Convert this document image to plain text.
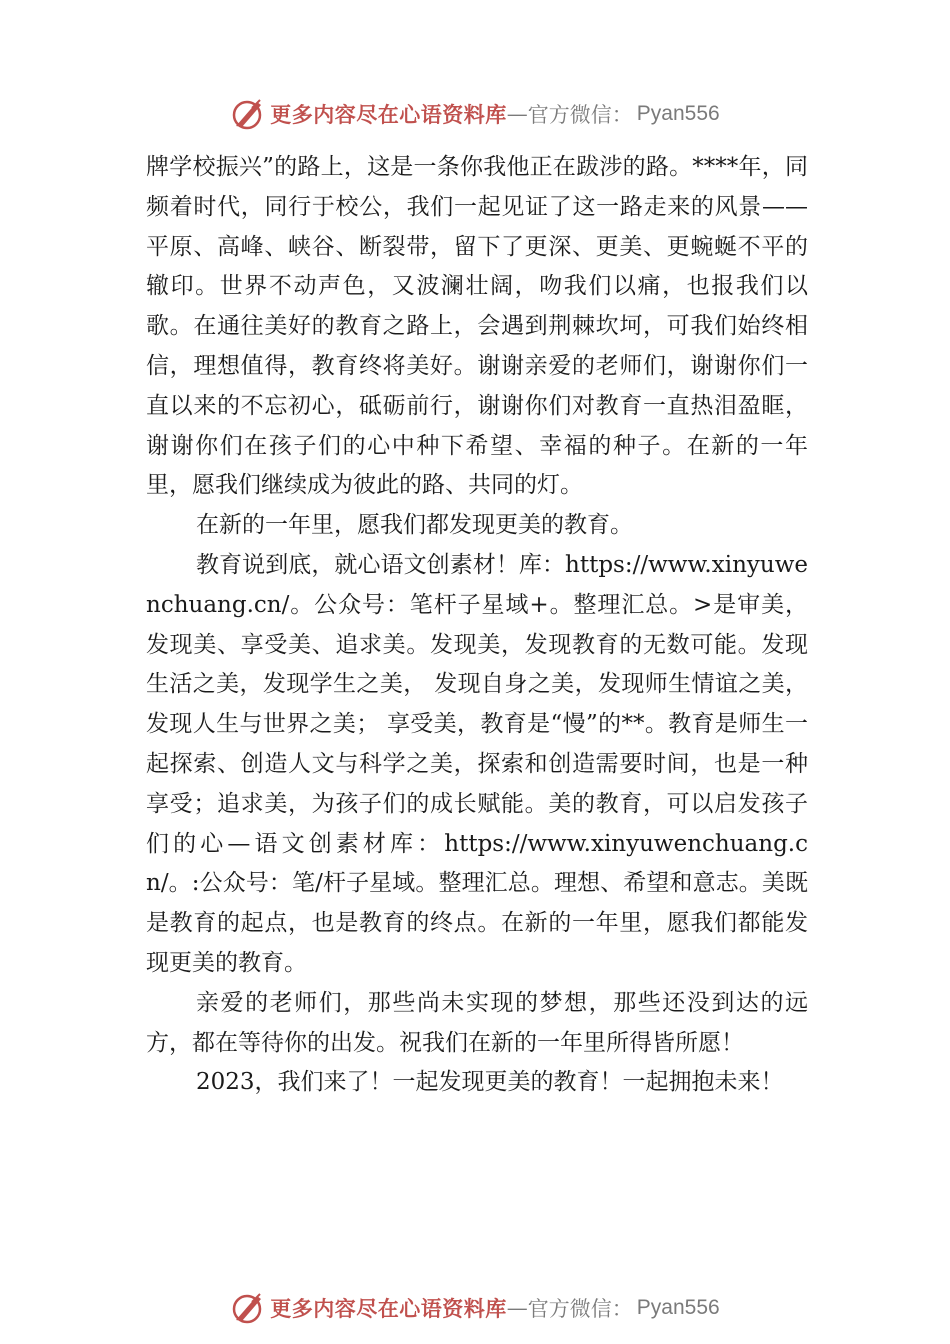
更多内容尽在心语资料库 — 官方微信： Pyan556

牌学校振兴”的路上，这是一条你我他正在跋涉的路。****年，同频着时代，同行于校公，我们一起见证了这一路走来的风景——平原、高峰、峡谷、断裂带，留下了更深、更美、更蜿蜒不平的辙印。世界不动声色，又波澜壮阔，吻我们以痛，也报我们以歌。在通往美好的教育之路上，会遇到荆棘坎坷，可我们始终相信，理想值得，教育终将美好。谢谢亲爱的老师们，谢谢你们一直以来的不忘初心，砥砺前行，谢谢你们对教育一直热泪盈眶，谢谢你们在孩子们的心中种下希望、幸福的种子。在新的一年里，愿我们继续成为彼此的路、共同的灯。

在新的一年里，愿我们都发现更美的教育。

教育说到底，就心语文创素材！库：https://www.xinyuwenchuang.cn/。公众号：笔杆子星域+。整理汇总。>是审美，发现美、享受美、追求美。发现美，发现教育的无数可能。发现生活之美，发现学生之美， 发现自身之美，发现师生情谊之美，发现人生与世界之美； 享受美，教育是“慢”的**。教育是师生一起探索、创造人文与科学之美，探索和创造需要时间，也是一种享受；追求美，为孩子们的成长赋能。美的教育，可以启发孩子们的心—语文创素材库：https://www.xinyuwenchuang.cn/。:公众号：笔/杆子星域。整理汇总。理想、希望和意志。美既是教育的起点，也是教育的终点。在新的一年里，愿我们都能发现更美的教育。

亲爱的老师们，那些尚未实现的梦想，那些还没到达的远方，都在等待你的出发。祝我们在新的一年里所得皆所愿！

2023，我们来了！一起发现更美的教育！一起拥抱未来！

更多内容尽在心语资料库 — 官方微信： Pyan556
